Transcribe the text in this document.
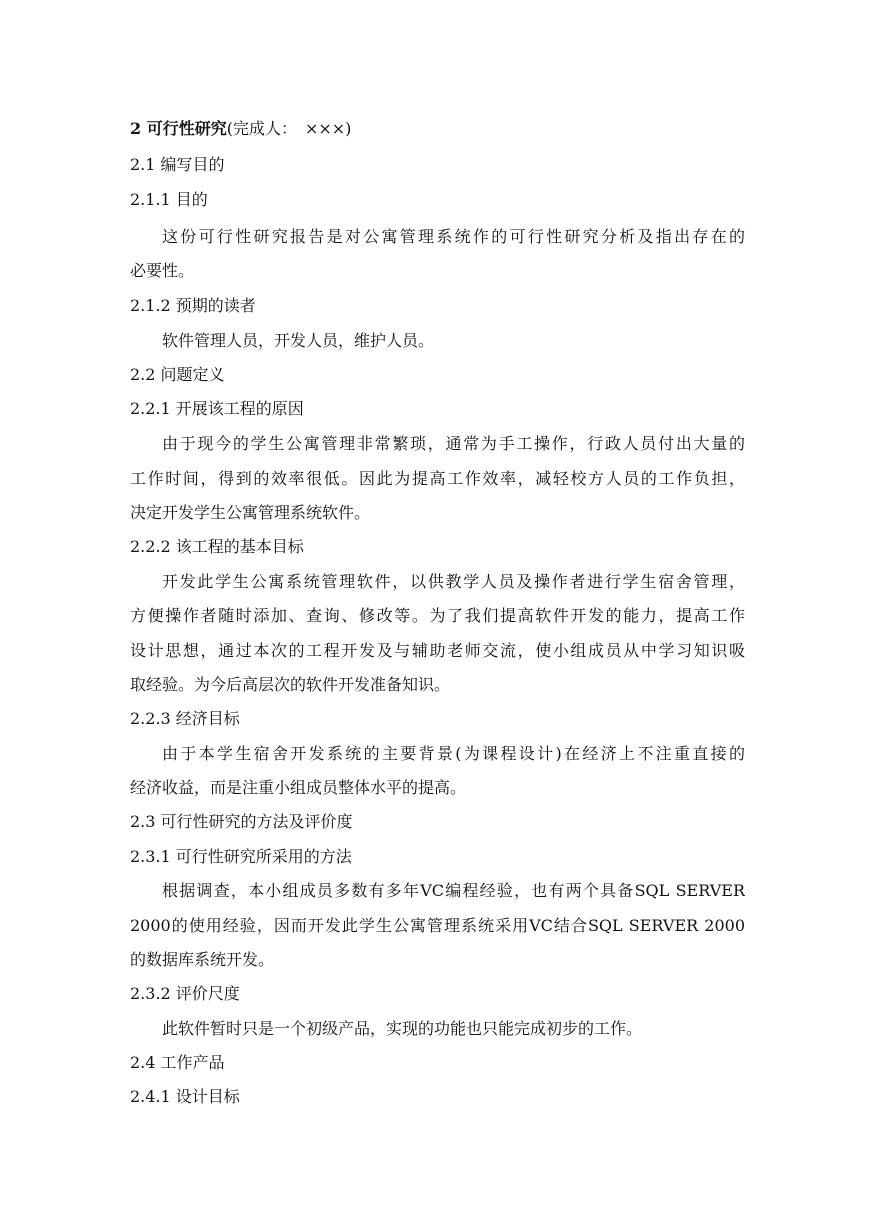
2 可行性研究(完成人：　×××)
2.1 编写目的
2.1.1 目的
这份可行性研究报告是对公寓管理系统作的可行性研究分析及指出存在的
必要性。
2.1.2 预期的读者
软件管理人员，开发人员，维护人员。
2.2 问题定义
2.2.1 开展该工程的原因
由于现今的学生公寓管理非常繁琐，通常为手工操作，行政人员付出大量的
工作时间，得到的效率很低。因此为提高工作效率，减轻校方人员的工作负担，
决定开发学生公寓管理系统软件。
2.2.2 该工程的基本目标
开发此学生公寓系统管理软件，以供教学人员及操作者进行学生宿舍管理，
方便操作者随时添加、查询、修改等。为了我们提高软件开发的能力，提高工作
设计思想，通过本次的工程开发及与辅助老师交流，使小组成员从中学习知识吸
取经验。为今后高层次的软件开发准备知识。
2.2.3 经济目标
由于本学生宿舍开发系统的主要背景(为课程设计)在经济上不注重直接的
经济收益，而是注重小组成员整体水平的提高。
2.3 可行性研究的方法及评价度
2.3.1 可行性研究所采用的方法
根据调查，本小组成员多数有多年VC编程经验，也有两个具备SQL SERVER
2000的使用经验，因而开发此学生公寓管理系统采用VC结合SQL SERVER 2000
的数据库系统开发。
2.3.2 评价尺度
此软件暂时只是一个初级产品，实现的功能也只能完成初步的工作。
2.4 工作产品
2.4.1 设计目标
